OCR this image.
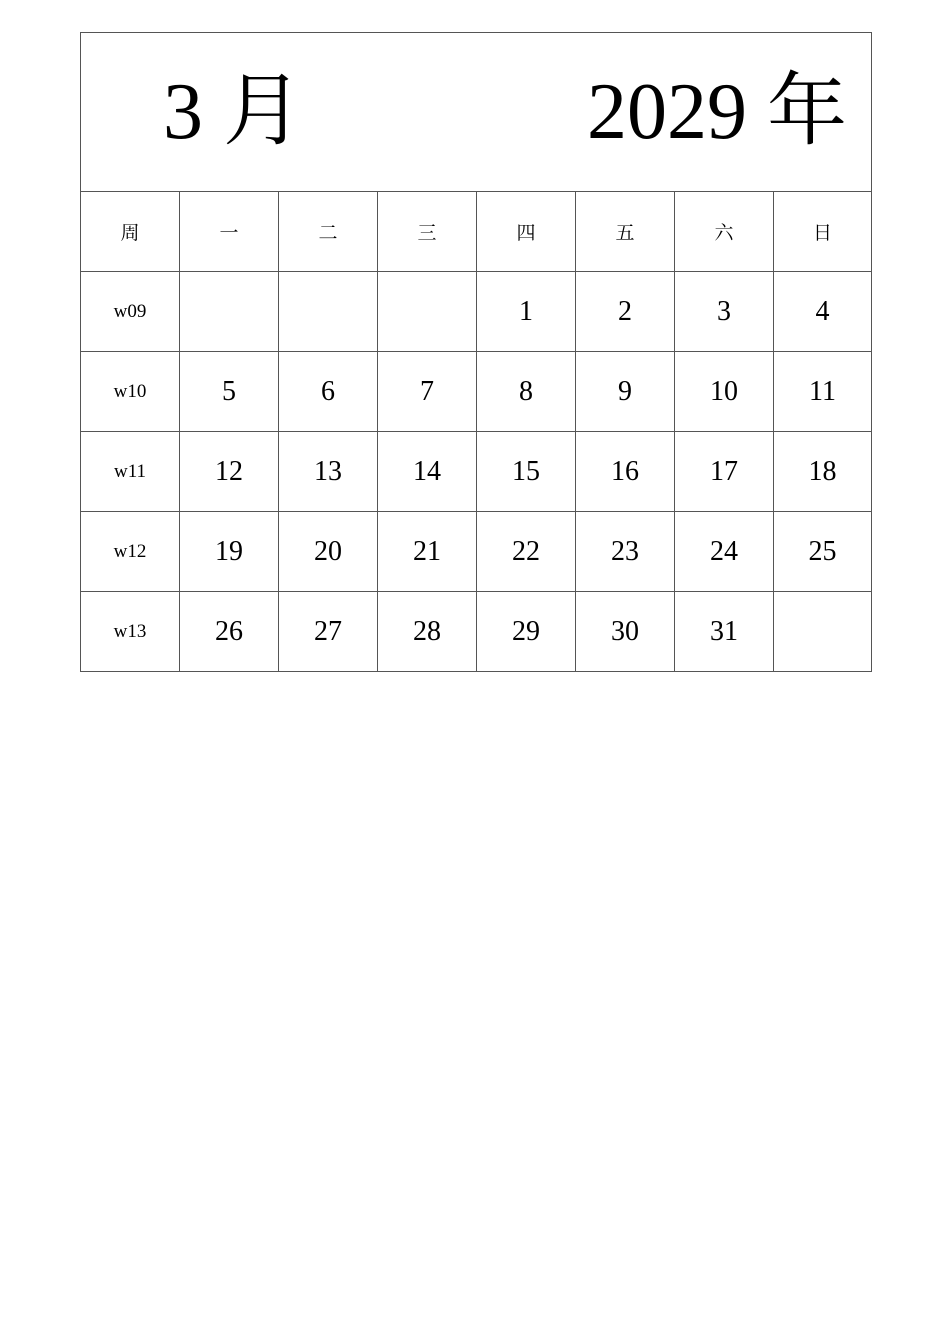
3 月 2029 年							

周	一	二	三	四	五	六	日
w09				1	2	3	4
w10	5	6	7	8	9	10	11
w11	12	13	14	15	16	17	18
w12	19	20	21	22	23	24	25
w13	26	27	28	29	30	31	
